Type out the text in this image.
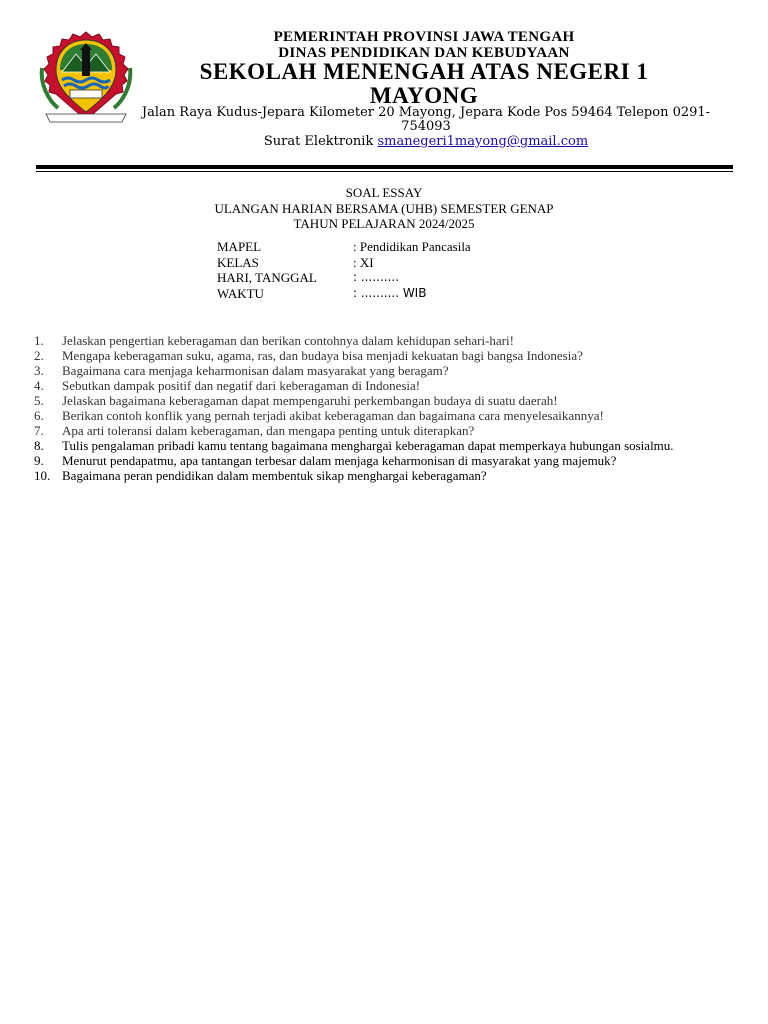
PEMERINTAH PROVINSI JAWA TENGAH
DINAS PENDIDIKAN DAN KEBUDYAAN
SEKOLAH MENENGAH ATAS NEGERI 1 MAYONG
Jalan Raya Kudus-Jepara Kilometer 20 Mayong, Jepara Kode Pos 59464 Telepon 0291-754093
Surat Elektronik smanegeri1mayong@gmail.com
SOAL ESSAY
ULANGAN HARIAN BERSAMA (UHB) SEMESTER GENAP
TAHUN PELAJARAN 2024/2025
MAPEL	: Pendidikan Pancasila
KELAS	: XI
HARI, TANGGAL	: ..........
WAKTU	: .......... WIB
1.	Jelaskan pengertian keberagaman dan berikan contohnya dalam kehidupan sehari-hari!
2.	Mengapa keberagaman suku, agama, ras, dan budaya bisa menjadi kekuatan bagi bangsa Indonesia?
3.	Bagaimana cara menjaga keharmonisan dalam masyarakat yang beragam?
4.	Sebutkan dampak positif dan negatif dari keberagaman di Indonesia!
5.	Jelaskan bagaimana keberagaman dapat mempengaruhi perkembangan budaya di suatu daerah!
6.	Berikan contoh konflik yang pernah terjadi akibat keberagaman dan bagaimana cara menyelesaikannya!
7.	Apa arti toleransi dalam keberagaman, dan mengapa penting untuk diterapkan?
8.	Tulis pengalaman pribadi kamu tentang bagaimana menghargai keberagaman dapat memperkaya hubungan sosialmu.
9.	Menurut pendapatmu, apa tantangan terbesar dalam menjaga keharmonisan di masyarakat yang majemuk?
10. Bagaimana peran pendidikan dalam membentuk sikap menghargai keberagaman?
